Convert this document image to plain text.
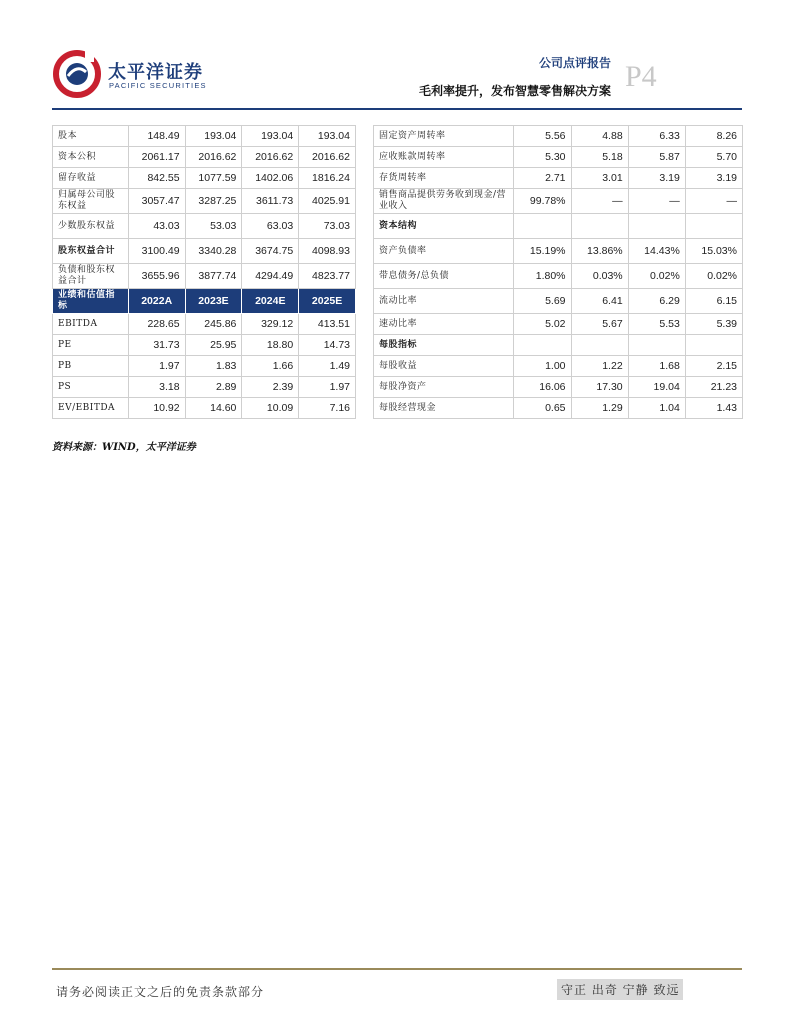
太平洋证券
PACIFIC SECURITIES
公司点评报告
毛利率提升，发布智慧零售解决方案 P4
股本	148.49	193.04	193.04	193.04
资本公积	2061.17	2016.62	2016.62	2016.62
留存收益	842.55	1077.59	1402.06	1816.24
归属母公司股东权益	3057.47	3287.25	3611.73	4025.91
少数股东权益	43.03	53.03	63.03	73.03
股东权益合计	3100.49	3340.28	3674.75	4098.93
负债和股东权益合计	3655.96	3877.74	4294.49	4823.77
业绩和估值指标	2022A	2023E	2024E	2025E
EBITDA	228.65	245.86	329.12	413.51
PE	31.73	25.95	18.80	14.73
PB	1.97	1.83	1.66	1.49
PS	3.18	2.89	2.39	1.97
EV/EBITDA	10.92	14.60	10.09	7.16
固定资产周转率	5.56	4.88	6.33	8.26
应收账款周转率	5.30	5.18	5.87	5.70
存货周转率	2.71	3.01	3.19	3.19
销售商品提供劳务收到现金/营业收入	99.78%	—	—	—
资本结构				
资产负债率	15.19%	13.86%	14.43%	15.03%
带息债务/总负债	1.80%	0.03%	0.02%	0.02%
流动比率	5.69	6.41	6.29	6.15
速动比率	5.02	5.67	5.53	5.39
每股指标				
每股收益	1.00	1.22	1.68	2.15
每股净资产	16.06	17.30	19.04	21.23
每股经营现金	0.65	1.29	1.04	1.43
资料来源：WIND，太平洋证券
请务必阅读正文之后的免责条款部分	守正 出奇 宁静 致远
